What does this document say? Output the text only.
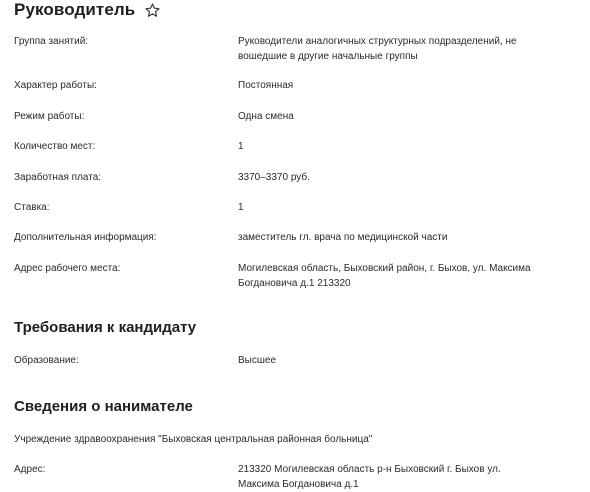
Руководитель
Группа занятий:	Руководители аналогичных структурных подразделений, не вошедшие в другие начальные группы
Характер работы:	Постоянная
Режим работы:	Одна смена
Количество мест:	1
Заработная плата:	3370–3370 руб.
Ставка:	1
Дополнительная информация:	заместитель гл. врача по медицинской части
Адрес рабочего места:	Могилевская область, Быховский район, г. Быхов, ул. Максима Богдановича д.1 213320
Требования к кандидату
Образование:	Высшее
Сведения о нанимателе
Учреждение здравоохранения "Быховская центральная районная больница"
Адрес:	213320 Могилевская область р-н Быховский г. Быхов ул. Максима Богдановича д.1
